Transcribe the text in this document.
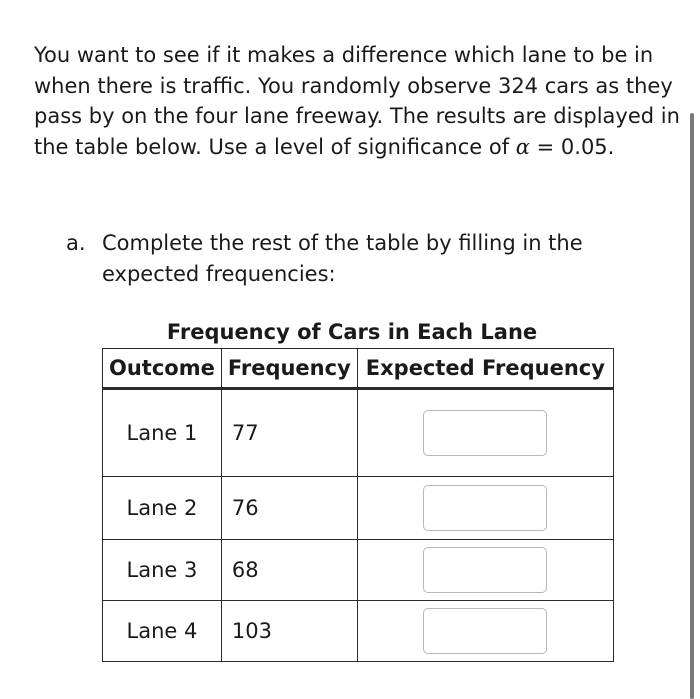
You want to see if it makes a difference which lane to be in when there is traffic. You randomly observe 324 cars as they pass by on the four lane freeway. The results are displayed in the table below. Use a level of significance of α = 0.05.

a. Complete the rest of the table by filling in the expected frequencies:
Frequency of Cars in Each Lane
Outcome	Frequency	Expected Frequency
Lane 1	77	
Lane 2	76	
Lane 3	68	
Lane 4	103	
